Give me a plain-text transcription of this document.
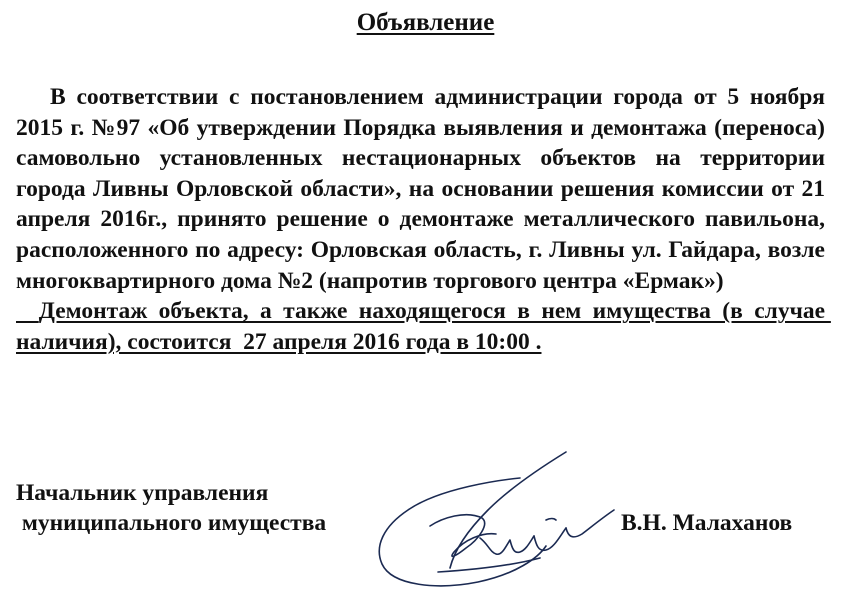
Объявление

В соответствии с постановлением администрации города от 5 ноября 2015 г. №97 «Об утверждении Порядка выявления и демонтажа (переноса) самовольно установленных нестационарных объектов на территории города Ливны Орловской области», на основании решения комиссии от 21 апреля 2016г., принято решение о демонтаже металлического павильона, расположенного по адресу: Орловская область, г. Ливны ул. Гайдара, возле многоквартирного дома №2 (напротив торгового центра «Ермак»)

Демонтаж объекта, а также находящегося в нем имущества (в случае наличия), состоится  27 апреля 2016 года в 10:00 .

Начальник управления
муниципального имущества	В.Н. Малаханов
